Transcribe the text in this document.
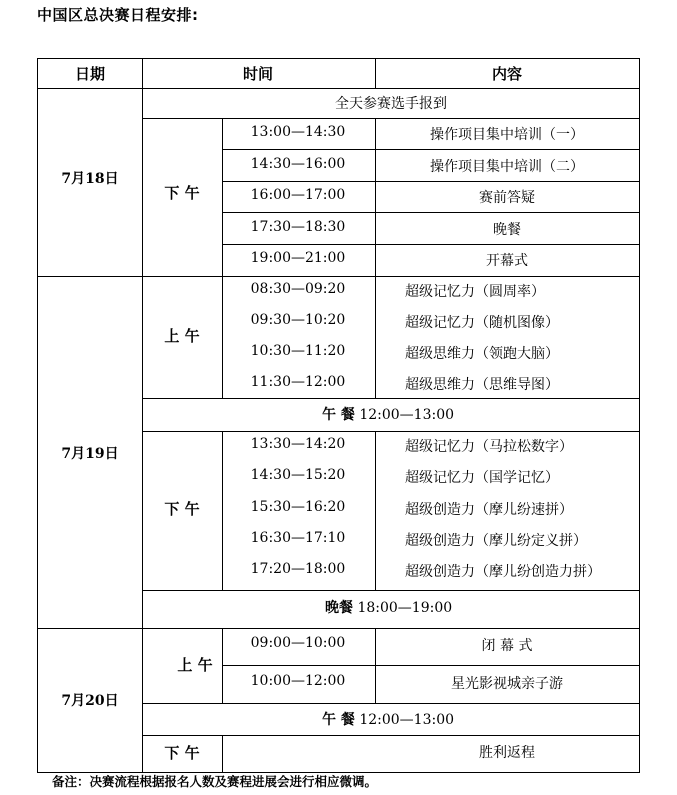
中国区总决赛日程安排:
日期	时间	内容
7月18日
全天参赛选手报到
下 午
13:00—14:30	操作项目集中培训（一）
14:30—16:00	操作项目集中培训（二）
16:00—17:00	赛前答疑
17:30—18:30	晚餐
19:00—21:00	开幕式
7月19日
上 午
08:30—09:20	超级记忆力（圆周率）
09:30—10:20	超级记忆力（随机图像）
10:30—11:20	超级思维力（领跑大脑）
11:30—12:00	超级思维力（思维导图）
午 餐 12:00—13:00
下 午
13:30—14:20	超级记忆力（马拉松数字）
14:30—15:20	超级记忆力（国学记忆）
15:30—16:20	超级创造力（摩儿纷速拼）
16:30—17:10	超级创造力（摩儿纷定义拼）
17:20—18:00	超级创造力（摩儿纷创造力拼）
晚餐 18:00—19:00
7月20日
上 午
09:00—10:00	闭 幕 式
10:00—12:00	星光影视城亲子游
午 餐 12:00—13:00
下 午	胜利返程
备注：决赛流程根据报名人数及赛程进展会进行相应微调。
